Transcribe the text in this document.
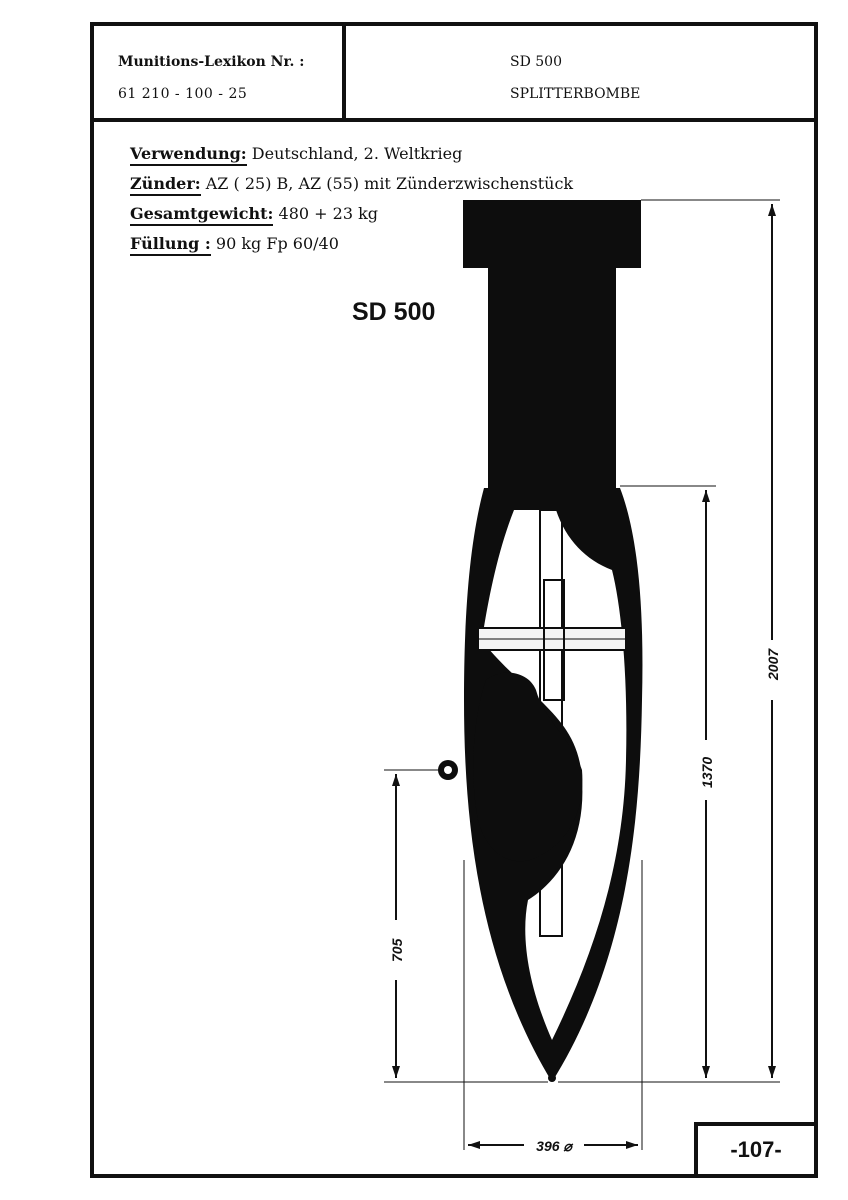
Munitions-Lexikon Nr. :
61 210 - 100 - 25
SD 500
SPLITTERBOMBE
Verwendung: Deutschland, 2. Weltkrieg
Zünder: AZ ( 25) B, AZ (55) mit Zünderzwischenstück
Gesamtgewicht: 480 + 23 kg
Füllung : 90 kg Fp 60/40
SD 500
-107-
2007
1370
705
396 ⌀
